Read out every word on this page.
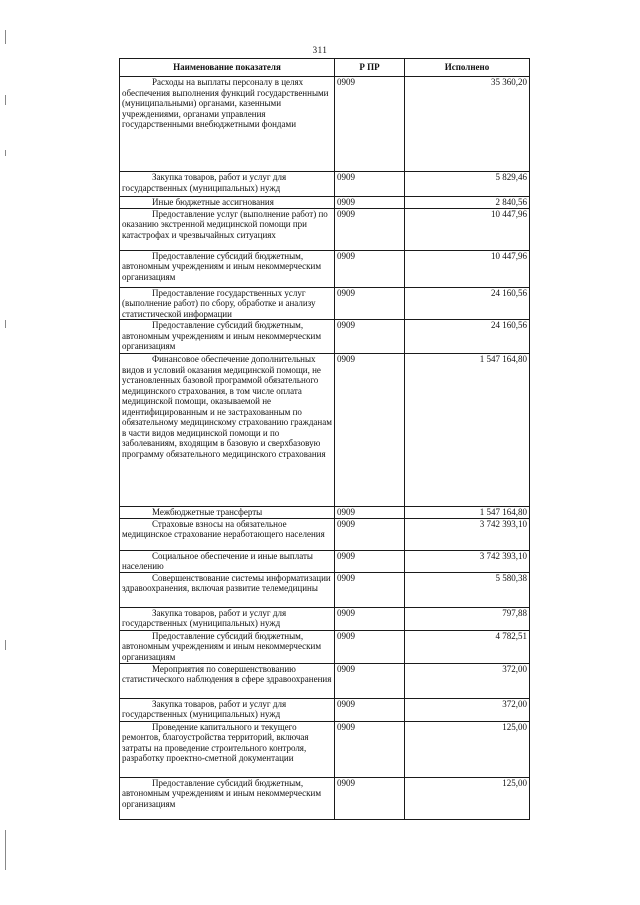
311
Наименование показателя	Р ПР	Исполнено
Расходы на выплаты персоналу в целях обеспечения выполнения функций государственными (муниципальными) органами, казенными учреждениями, органами управления государственными внебюджетными фондами	0909	35 360,20
Закупка товаров, работ и услуг для государственных (муниципальных) нужд	0909	5 829,46
Иные бюджетные ассигнования	0909	2 840,56
Предоставление услуг (выполнение работ) по оказанию экстренной медицинской помощи при катастрофах и чрезвычайных ситуациях	0909	10 447,96
Предоставление субсидий бюджетным, автономным учреждениям и иным некоммерческим организациям	0909	10 447,96
Предоставление государственных услуг (выполнение работ) по сбору, обработке и анализу статистической информации	0909	24 160,56
Предоставление субсидий бюджетным, автономным учреждениям и иным некоммерческим организациям	0909	24 160,56
Финансовое обеспечение дополнительных видов и условий оказания медицинской помощи, не установленных базовой программой обязательного медицинского страхования, в том числе оплата медицинской помощи, оказываемой не идентифицированным и не застрахованным по обязательному медицинскому страхованию гражданам в части видов медицинской помощи и по заболеваниям, входящим в базовую и сверхбазовую программу обязательного медицинского страхования	0909	1 547 164,80
Межбюджетные трансферты	0909	1 547 164,80
Страховые взносы на обязательное медицинское страхование неработающего населения	0909	3 742 393,10
Социальное обеспечение и иные выплаты населению	0909	3 742 393,10
Совершенствование системы информатизации здравоохранения, включая развитие телемедицины	0909	5 580,38
Закупка товаров, работ и услуг для государственных (муниципальных) нужд	0909	797,88
Предоставление субсидий бюджетным, автономным учреждениям и иным некоммерческим организациям	0909	4 782,51
Мероприятия по совершенствованию статистического наблюдения в сфере здравоохранения	0909	372,00
Закупка товаров, работ и услуг для государственных (муниципальных) нужд	0909	372,00
Проведение капитального и текущего ремонтов, благоустройства территорий, включая затраты на проведение строительного контроля, разработку проектно-сметной документации	0909	125,00
Предоставление субсидий бюджетным, автономным учреждениям и иным некоммерческим организациям	0909	125,00
